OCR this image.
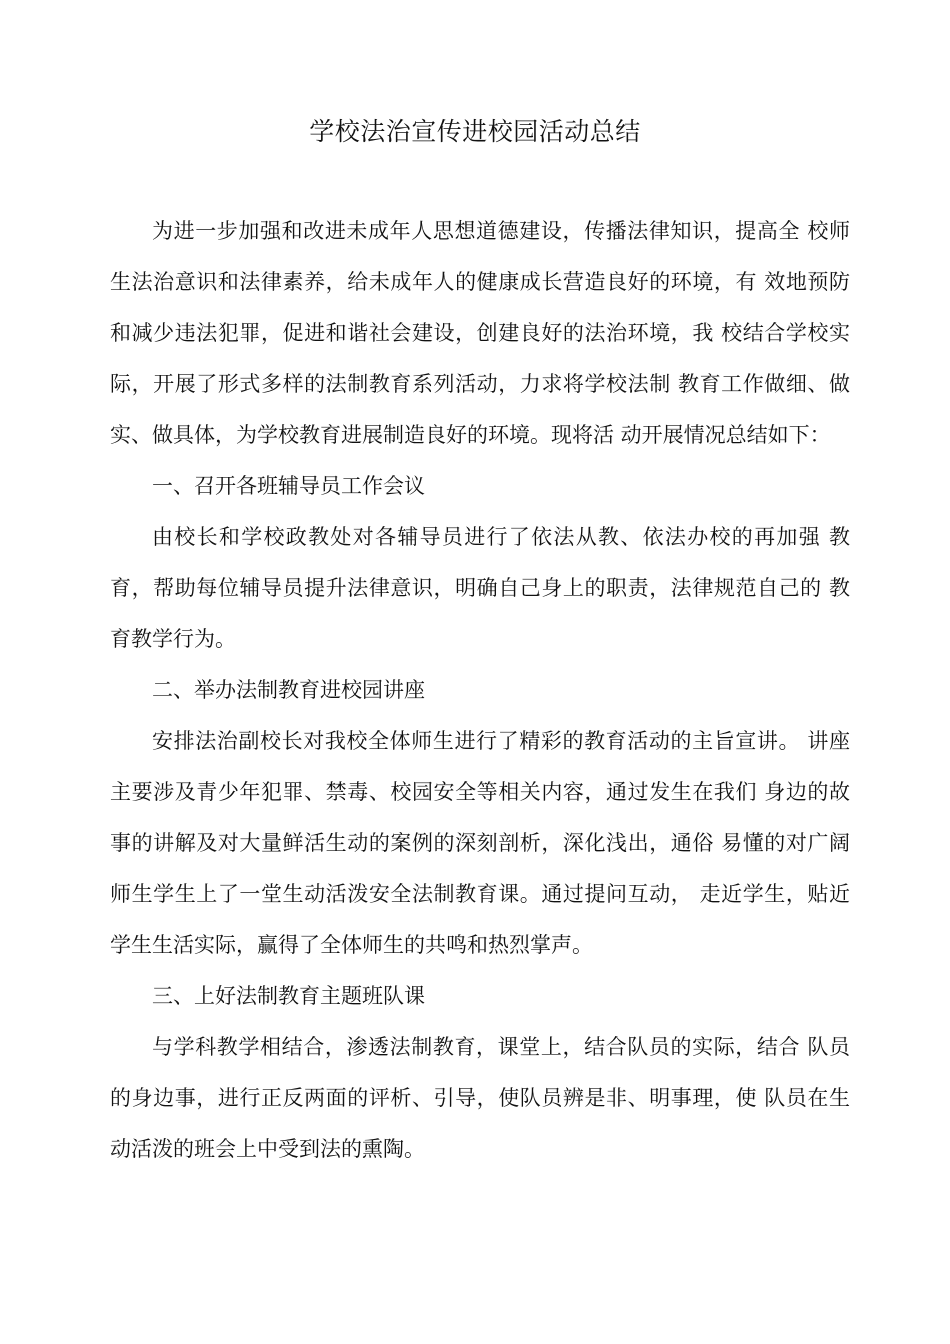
学校法治宣传进校园活动总结

为进一步加强和改进未成年人思想道德建设，传播法律知识，提高全 校师生法治意识和法律素养，给未成年人的健康成长营造良好的环境，有 效地预防和减少违法犯罪，促进和谐社会建设，创建良好的法治环境，我 校结合学校实际，开展了形式多样的法制教育系列活动，力求将学校法制 教育工作做细、做实、做具体，为学校教育进展制造良好的环境。现将活 动开展情况总结如下：

一、召开各班辅导员工作会议

由校长和学校政教处对各辅导员进行了依法从教、依法办校的再加强 教育，帮助每位辅导员提升法律意识，明确自己身上的职责，法律规范自己的 教育教学行为。

二、举办法制教育进校园讲座

安排法治副校长对我校全体师生进行了精彩的教育活动的主旨宣讲。 讲座主要涉及青少年犯罪、禁毒、校园安全等相关内容，通过发生在我们 身边的故事的讲解及对大量鲜活生动的案例的深刻剖析，深化浅出，通俗 易懂的对广阔师生学生上了一堂生动活泼安全法制教育课。通过提问互动， 走近学生，贴近学生生活实际，赢得了全体师生的共鸣和热烈掌声。

三、上好法制教育主题班队课

与学科教学相结合，渗透法制教育，课堂上，结合队员的实际，结合 队员的身边事，进行正反两面的评析、引导，使队员辨是非、明事理，使 队员在生动活泼的班会上中受到法的熏陶。
